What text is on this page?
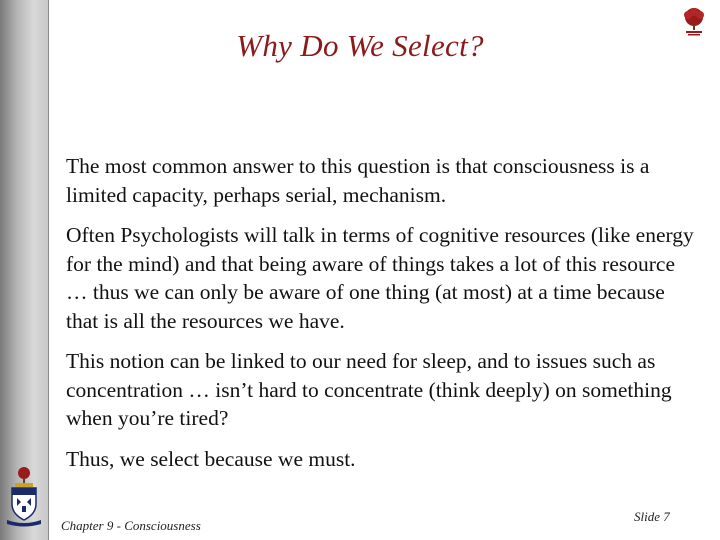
Why Do We Select?

The most common answer to this question is that consciousness is a limited capacity, perhaps serial, mechanism.

Often Psychologists will talk in terms of cognitive resources (like energy for the mind) and that being aware of things takes a lot of this resource … thus we can only be aware of one thing (at most) at a time because that is all the resources we have.

This notion can be linked to our need for sleep, and to issues such as concentration … isn’t hard to concentrate (think deeply) on something when you’re tired?

Thus, we select because we must.

Chapter 9 - Consciousness
Slide 7
